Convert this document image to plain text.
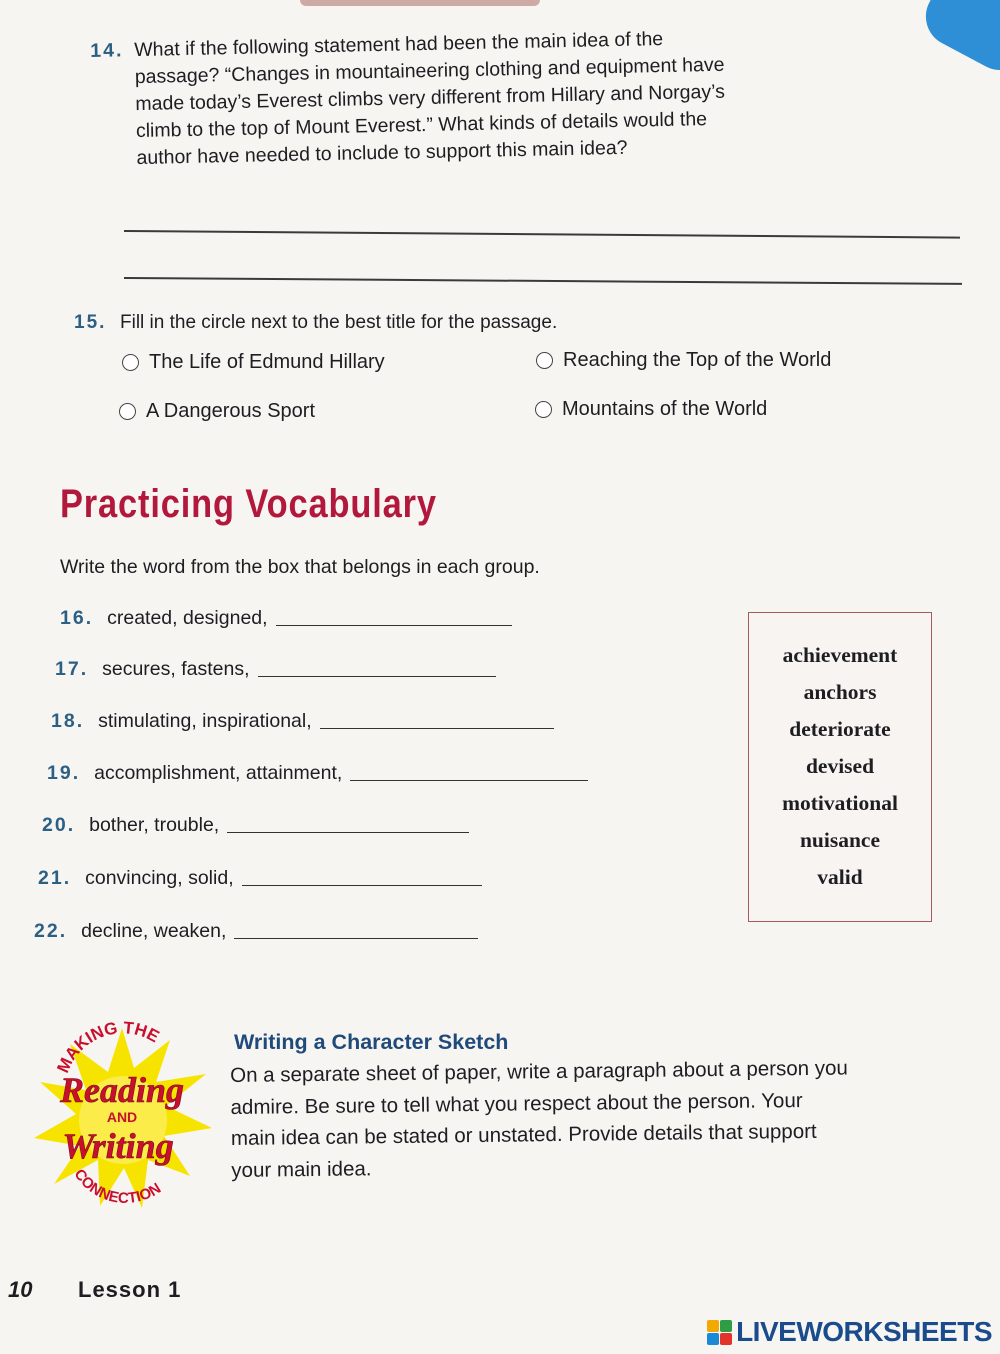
14. What if the following statement had been the main idea of the
passage? “Changes in mountaineering clothing and equipment have
made today’s Everest climbs very different from Hillary and Norgay’s
climb to the top of Mount Everest.” What kinds of details would the
author have needed to include to support this main idea?
15. Fill in the circle next to the best title for the passage.
The Life of Edmund Hillary	Reaching the Top of the World
A Dangerous Sport	Mountains of the World
Practicing Vocabulary
Write the word from the box that belongs in each group.
16. created, designed,
17. secures, fastens,
18. stimulating, inspirational,
19. accomplishment, attainment,
20. bother, trouble,
21. convincing, solid,
22. decline, weaken,
achievement
anchors
deteriorate
devised
motivational
nuisance
valid
MAKING THE
Reading
AND
Writing
CONNECTION
Writing a Character Sketch
On a separate sheet of paper, write a paragraph about a person you
admire. Be sure to tell what you respect about the person. Your
main idea can be stated or unstated. Provide details that support
your main idea.
10 Lesson 1
LIVEWORKSHEETS
